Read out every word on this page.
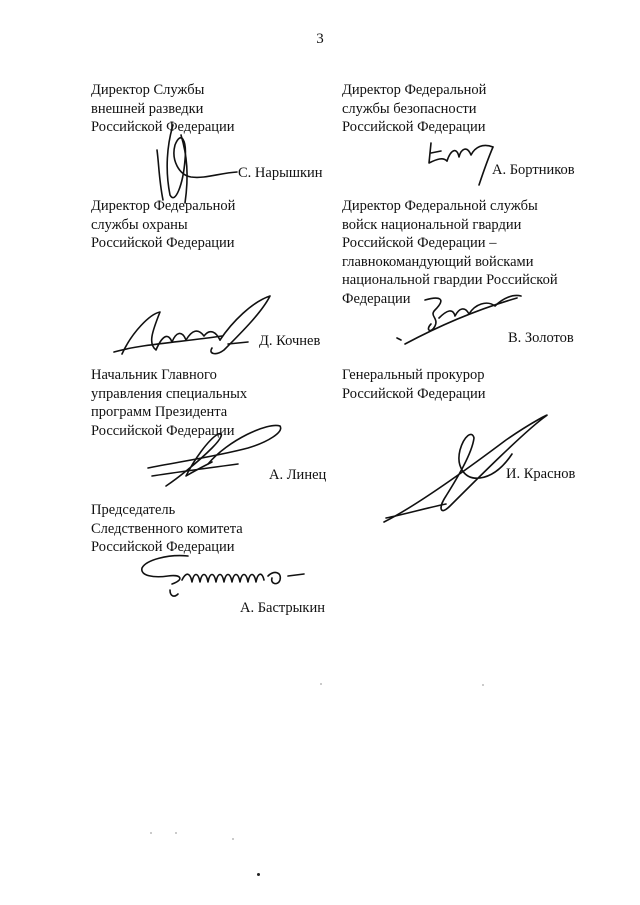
3
Директор Службы
внешней разведки
Российской Федерации
С. Нарышкин
Директор Федеральной
службы безопасности
Российской Федерации
А. Бортников
Директор Федеральной
службы охраны
Российской Федерации
Д. Кочнев
Директор Федеральной службы
войск национальной гвардии
Российской Федерации –
главнокомандующий войсками
национальной гвардии Российской
Федерации
В. Золотов
Начальник Главного
управления специальных
программ Президента
Российской Федерации
А. Линец
Генеральный прокурор
Российской Федерации
И. Краснов
Председатель
Следственного комитета
Российской Федерации
А. Бастрыкин
